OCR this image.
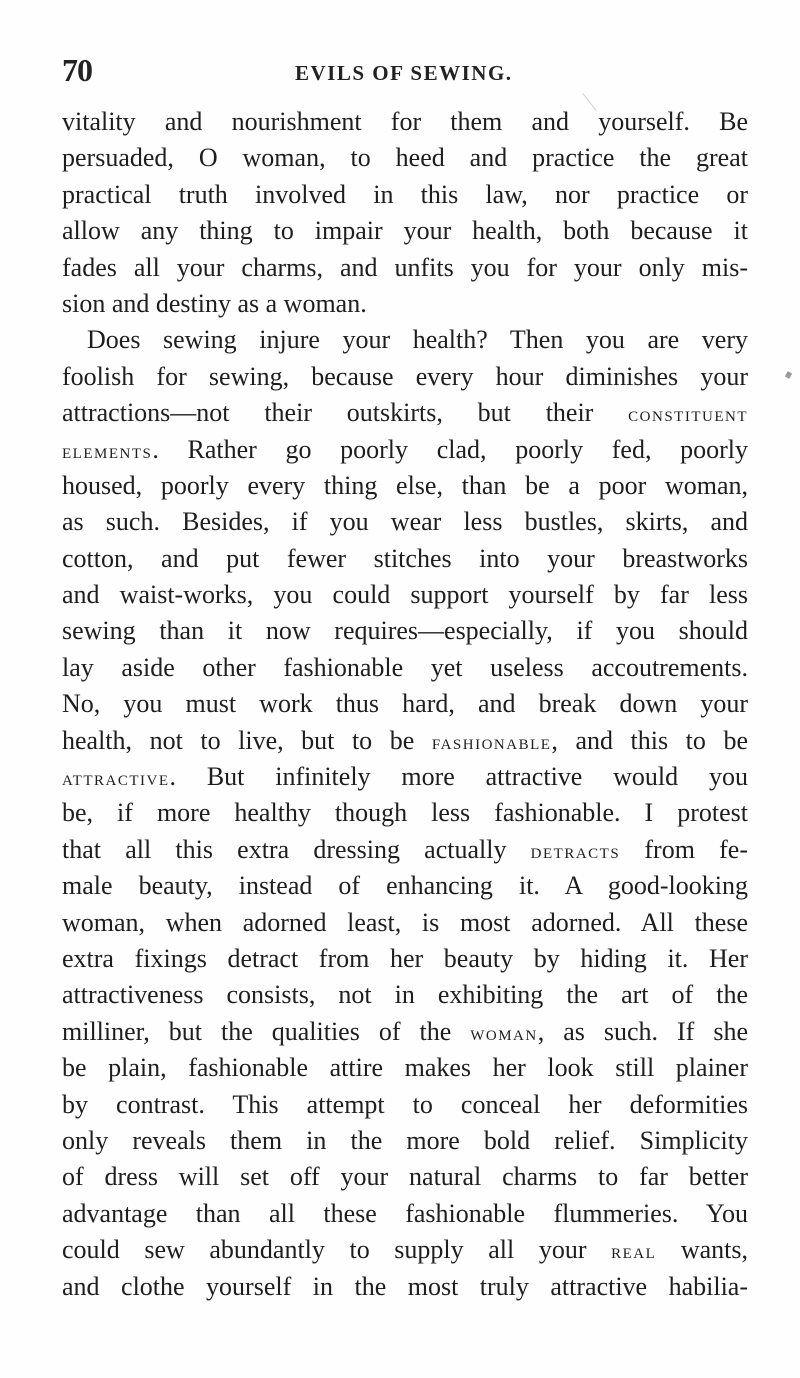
70	EVILS OF SEWING.
vitality and nourishment for them and yourself. Be
persuaded, O woman, to heed and practice the great
practical truth involved in this law, nor practice or
allow any thing to impair your health, both because it
fades all your charms, and unfits you for your only mis-
sion and destiny as a woman.
Does sewing injure your health? Then you are very
foolish for sewing, because every hour diminishes your
attractions—not their outskirts, but their constituent
elements. Rather go poorly clad, poorly fed, poorly
housed, poorly every thing else, than be a poor woman,
as such. Besides, if you wear less bustles, skirts, and
cotton, and put fewer stitches into your breastworks
and waist-works, you could support yourself by far less
sewing than it now requires—especially, if you should
lay aside other fashionable yet useless accoutrements.
No, you must work thus hard, and break down your
health, not to live, but to be fashionable, and this to be
attractive. But infinitely more attractive would you
be, if more healthy though less fashionable. I protest
that all this extra dressing actually detracts from fe-
male beauty, instead of enhancing it. A good-looking
woman, when adorned least, is most adorned. All these
extra fixings detract from her beauty by hiding it. Her
attractiveness consists, not in exhibiting the art of the
milliner, but the qualities of the woman, as such. If she
be plain, fashionable attire makes her look still plainer
by contrast. This attempt to conceal her deformities
only reveals them in the more bold relief. Simplicity
of dress will set off your natural charms to far better
advantage than all these fashionable flummeries. You
could sew abundantly to supply all your real wants,
and clothe yourself in the most truly attractive habilia-
